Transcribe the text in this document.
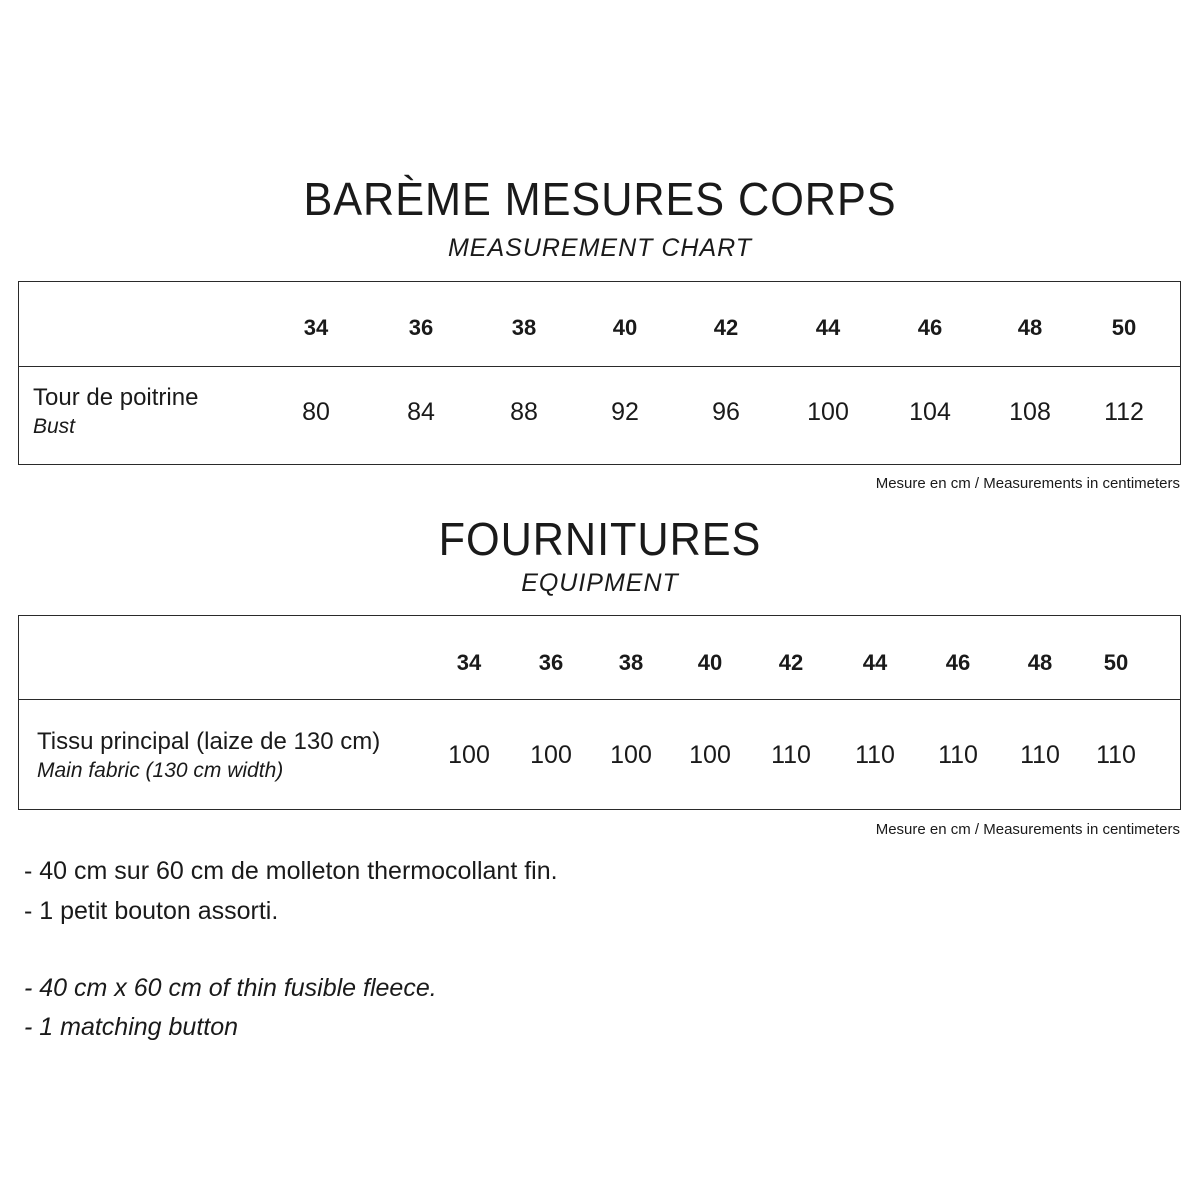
BARÈME MESURES CORPS
MEASUREMENT CHART
34	36	38	40	42	44	46	48	50
Tour de poitrine
Bust
80	84	88	92	96	100 104 108 112
Mesure en cm / Measurements in centimeters
FOURNITURES
EQUIPMENT
34	36	38 40	42	44	46	48 50
Tissu principal (laize de 130 cm)
Main fabric (130 cm width)
100 100 100 100 110 110 110 110 110
Mesure en cm / Measurements in centimeters
- 40 cm sur 60 cm de molleton thermocollant fin.
- 1 petit bouton assorti.
- 40 cm x 60 cm of thin fusible fleece.
- 1 matching button
